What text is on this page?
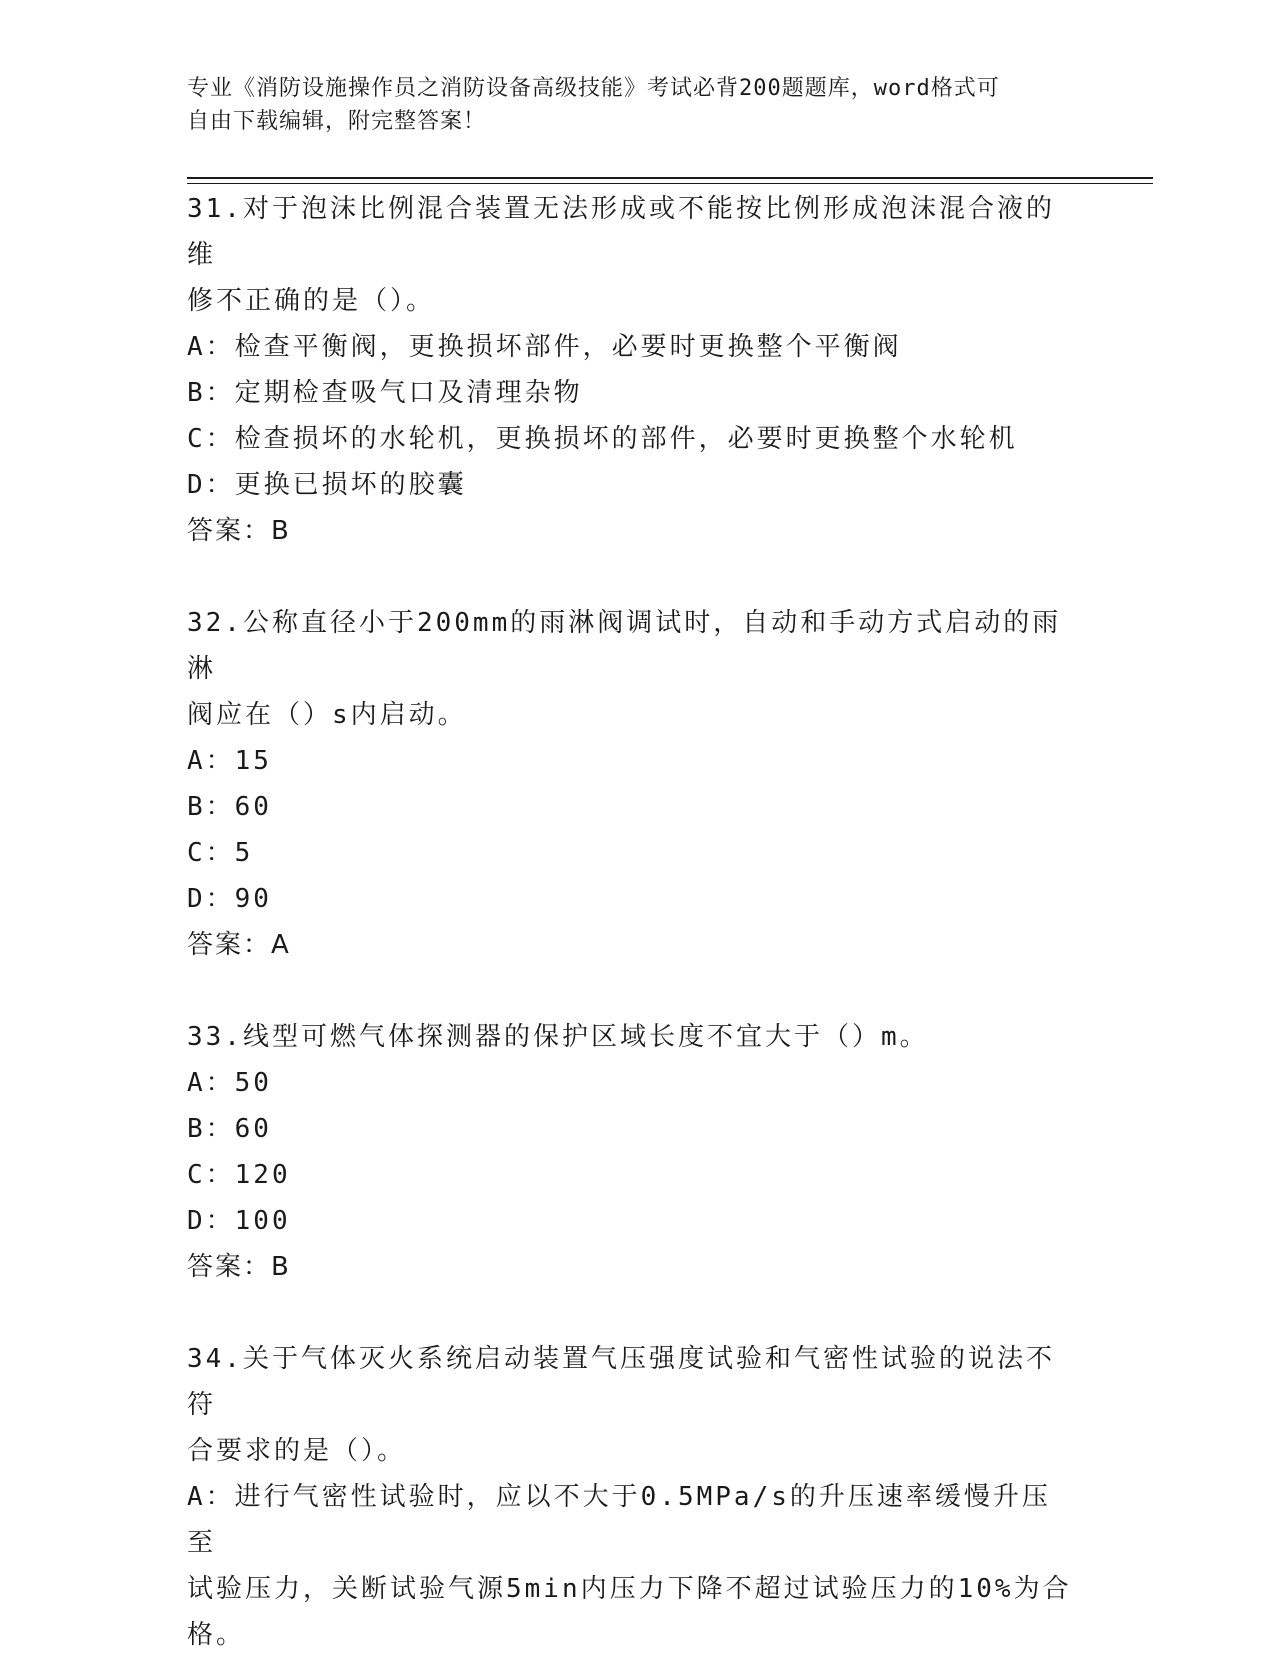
专业《消防设施操作员之消防设备高级技能》考试必背200题题库，word格式可
自由下载编辑，附完整答案！
31.对于泡沫比例混合装置无法形成或不能按比例形成泡沫混合液的维
修不正确的是（）。
A：检查平衡阀，更换损坏部件，必要时更换整个平衡阀
B：定期检查吸气口及清理杂物
C：检查损坏的水轮机，更换损坏的部件，必要时更换整个水轮机
D：更换已损坏的胶囊
答案：B
32.公称直径小于200mm的雨淋阀调试时，自动和手动方式启动的雨淋
阀应在（）s内启动。
A：15
B：60
C：5
D：90
答案：A
33.线型可燃气体探测器的保护区域长度不宜大于（）m。
A：50
B：60
C：120
D：100
答案：B
34.关于气体灭火系统启动装置气压强度试验和气密性试验的说法不符
合要求的是（）。
A：进行气密性试验时，应以不大于0.5MPa/s的升压速率缓慢升压至
试验压力，关断试验气源5min内压力下降不超过试验压力的10%为合
格。
